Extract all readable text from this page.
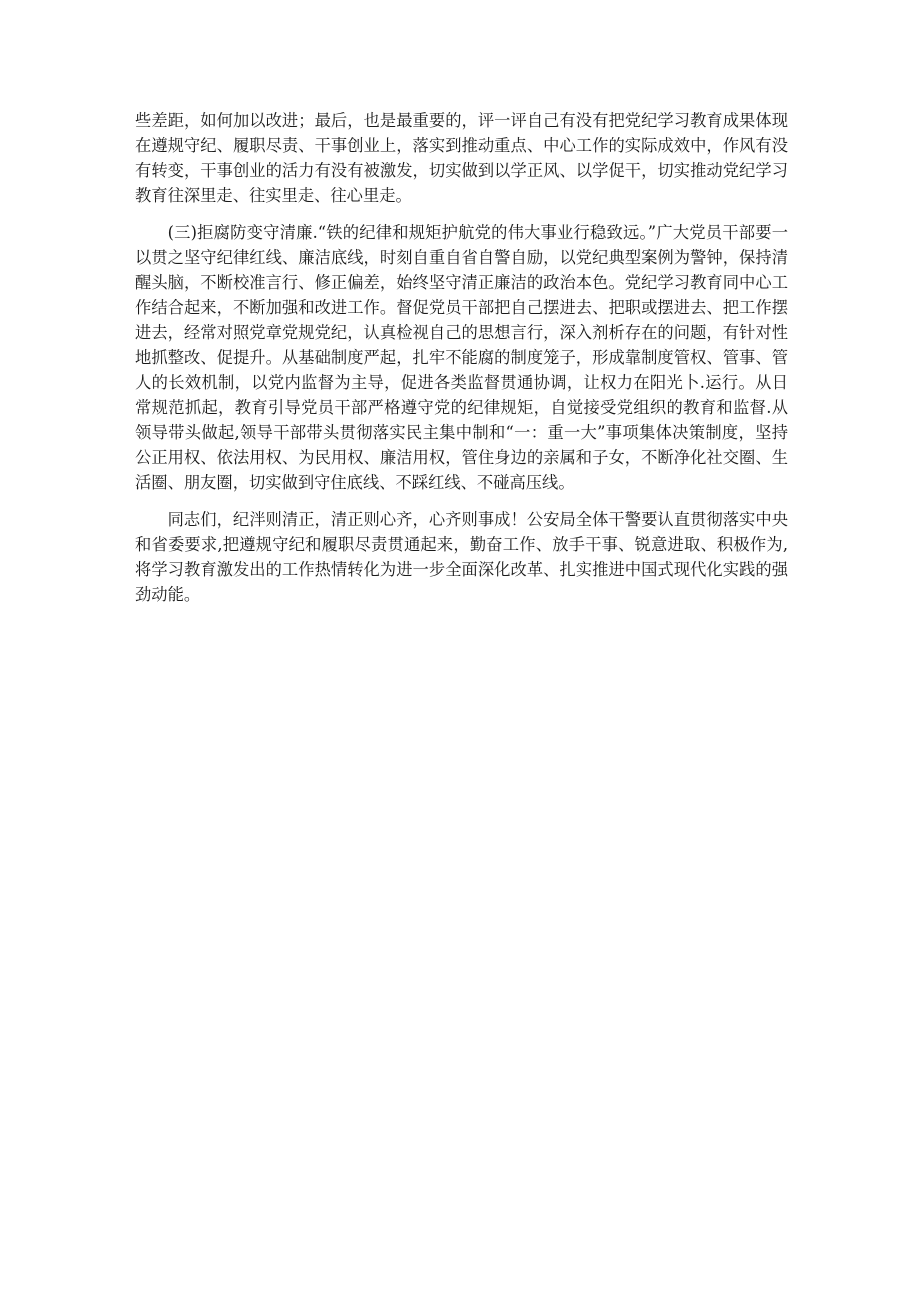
些差距，如何加以改进；最后，也是最重要的，评一评自己有没有把党纪学习教育成果体现在遵规守纪、履职尽责、干事创业上，落实到推动重点、中心工作的实际成效中，作风有没有转变，干事创业的活力有没有被激发，切实做到以学正风、以学促干，切实推动党纪学习教育往深里走、往实里走、往心里走。

(三)拒腐防变守清廉.“铁的纪律和规矩护航党的伟大事业行稳致远。”广大党员干部要一以贯之坚守纪律红线、廉洁底线，时刻自重自省自警自励，以党纪典型案例为警钟，保持清醒头脑，不断校准言行、修正偏差，始终坚守清正廉洁的政治本色。党纪学习教育同中心工作结合起来，不断加强和改进工作。督促党员干部把自己摆进去、把职或摆进去、把工作摆进去，经常对照党章党规党纪，认真检视自己的思想言行，深入剂析存在的问题，有针对性地抓整改、促提升。从基础制度严起，扎牢不能腐的制度笼子，形成靠制度管权、管事、管人的长效机制，以党内监督为主导，促进各类监督贯通协调，让权力在阳光卜.运行。从日常规范抓起，教育引导党员干部严格遵守党的纪律规矩，自觉接受党组织的教育和监督.从领导带头做起,领导干部带头贯彻落实民主集中制和“一：重一大”事项集体决策制度，坚持公正用权、依法用权、为民用权、廉洁用权，管住身边的亲属和子女，不断净化社交圈、生活圈、朋友圈，切实做到守住底线、不踩红线、不碰高压线。

同志们，纪泮则清正，清正则心齐，心齐则事成！公安局全体干警要认直贯彻落实中央和省委要求,把遵规守纪和履职尽责贯通起来，勤奋工作、放手干事、锐意进取、积极作为,将学习教育激发出的工作热情转化为进一步全面深化改革、扎实推进中国式现代化实践的强劲动能。
